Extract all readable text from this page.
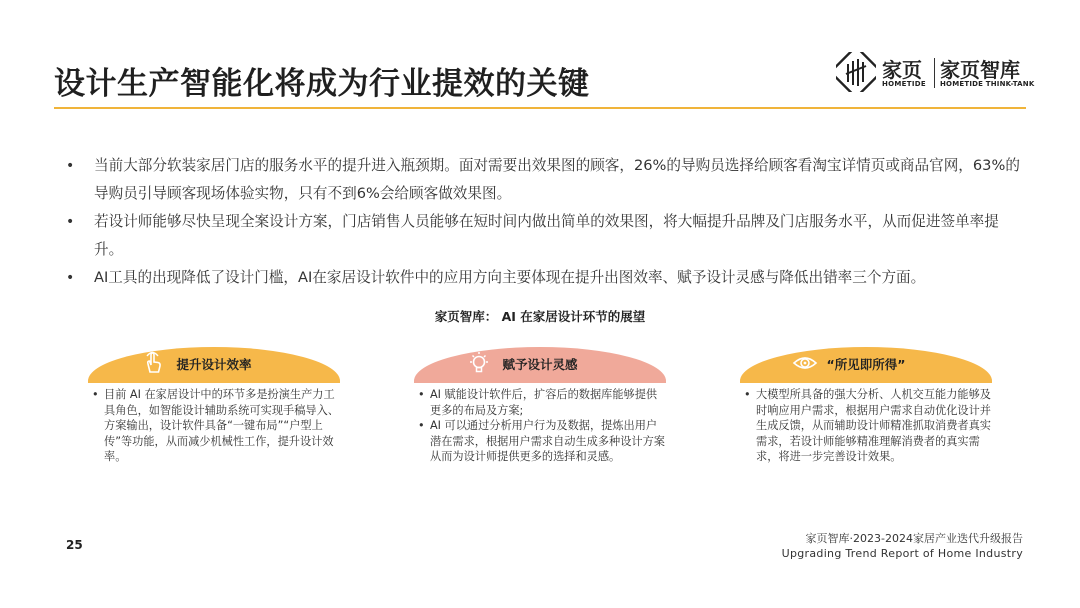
设计生产智能化将成为行业提效的关键	家页
HOMETIDE
家页智库
HOMETIDE THINK-TANK
• 当前大部分软装家居门店的服务水平的提升进入瓶颈期。面对需要出效果图的顾客，26%的导购员选择给顾客看淘宝详情页或商品官网，63%的导购员引导顾客现场体验实物，只有不到6%会给顾客做效果图。
• 若设计师能够尽快呈现全案设计方案，门店销售人员能够在短时间内做出简单的效果图，将大幅提升品牌及门店服务水平，从而促进签单率提升。
• AI工具的出现降低了设计门槛，AI在家居设计软件中的应用方向主要体现在提升出图效率、赋予设计灵感与降低出错率三个方面。
家页智库： AI 在家居设计环节的展望
提升设计效率
• 目前 AI 在家居设计中的环节多是扮演生产力工具角色，如智能设计辅助系统可实现手稿导入、方案输出，设计软件具备“一键布局”“户型上传”等功能，从而减少机械性工作，提升设计效率。
赋予设计灵感
• AI 赋能设计软件后，扩容后的数据库能够提供更多的布局及方案;
• AI 可以通过分析用户行为及数据，提炼出用户潜在需求，根据用户需求自动生成多种设计方案从而为设计师提供更多的选择和灵感。
“所见即所得”
• 大模型所具备的强大分析、人机交互能力能够及时响应用户需求，根据用户需求自动优化设计并生成反馈，从而辅助设计师精准抓取消费者真实需求，若设计师能够精准理解消费者的真实需求，将进一步完善设计效果。
25	家页智库·2023-2024家居产业迭代升级报告
Upgrading Trend Report of Home Industry
